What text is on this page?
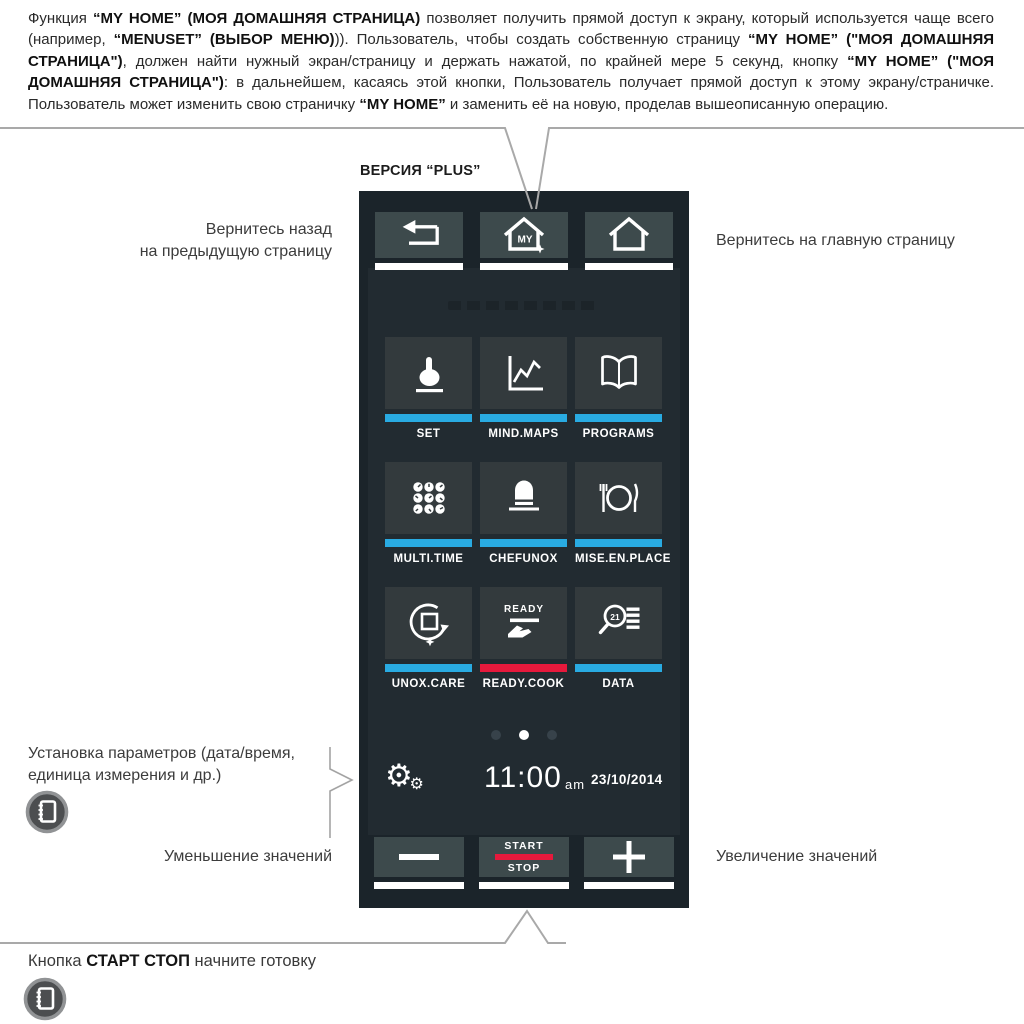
Функция “MY HOME” (МОЯ ДОМАШНЯЯ СТРАНИЦА) позволяет получить прямой доступ к экрану, который используется чаще всего (например, “MENUSET” (ВЫБОР МЕНЮ))). Пользователь, чтобы создать собственную страницу “MY HOME” ("МОЯ ДОМАШНЯЯ СТРАНИЦА"), должен найти нужный экран/страницу и держать нажатой, по крайней мере 5 секунд, кнопку “MY HOME” ("МОЯ ДОМАШНЯЯ СТРАНИЦА"): в дальнейшем, касаясь этой кнопки, Пользователь получает прямой доступ к этому экрану/страничке. Пользователь может изменить свою страничку “MY HOME” и заменить её на новую, проделав вышеописанную операцию.

ВЕРСИЯ “PLUS”
SET	MIND.MAPS	PROGRAMS
MULTI.TIME	CHEFUNOX	MISE.EN.PLACE
UNOX.CARE
READY
READY.COOK
21
DATA
⚙
⚙ 11:00 am 23/10/2014
MY
START
STOP
Вернитесь назад
на предыдущую страницу
Вернитесь на главную страницу
Установка параметров (дата/время,
единица измерения и др.)
Уменьшение значений	Увеличение значений
Кнопка СТАРТ СТОП начните готовку
